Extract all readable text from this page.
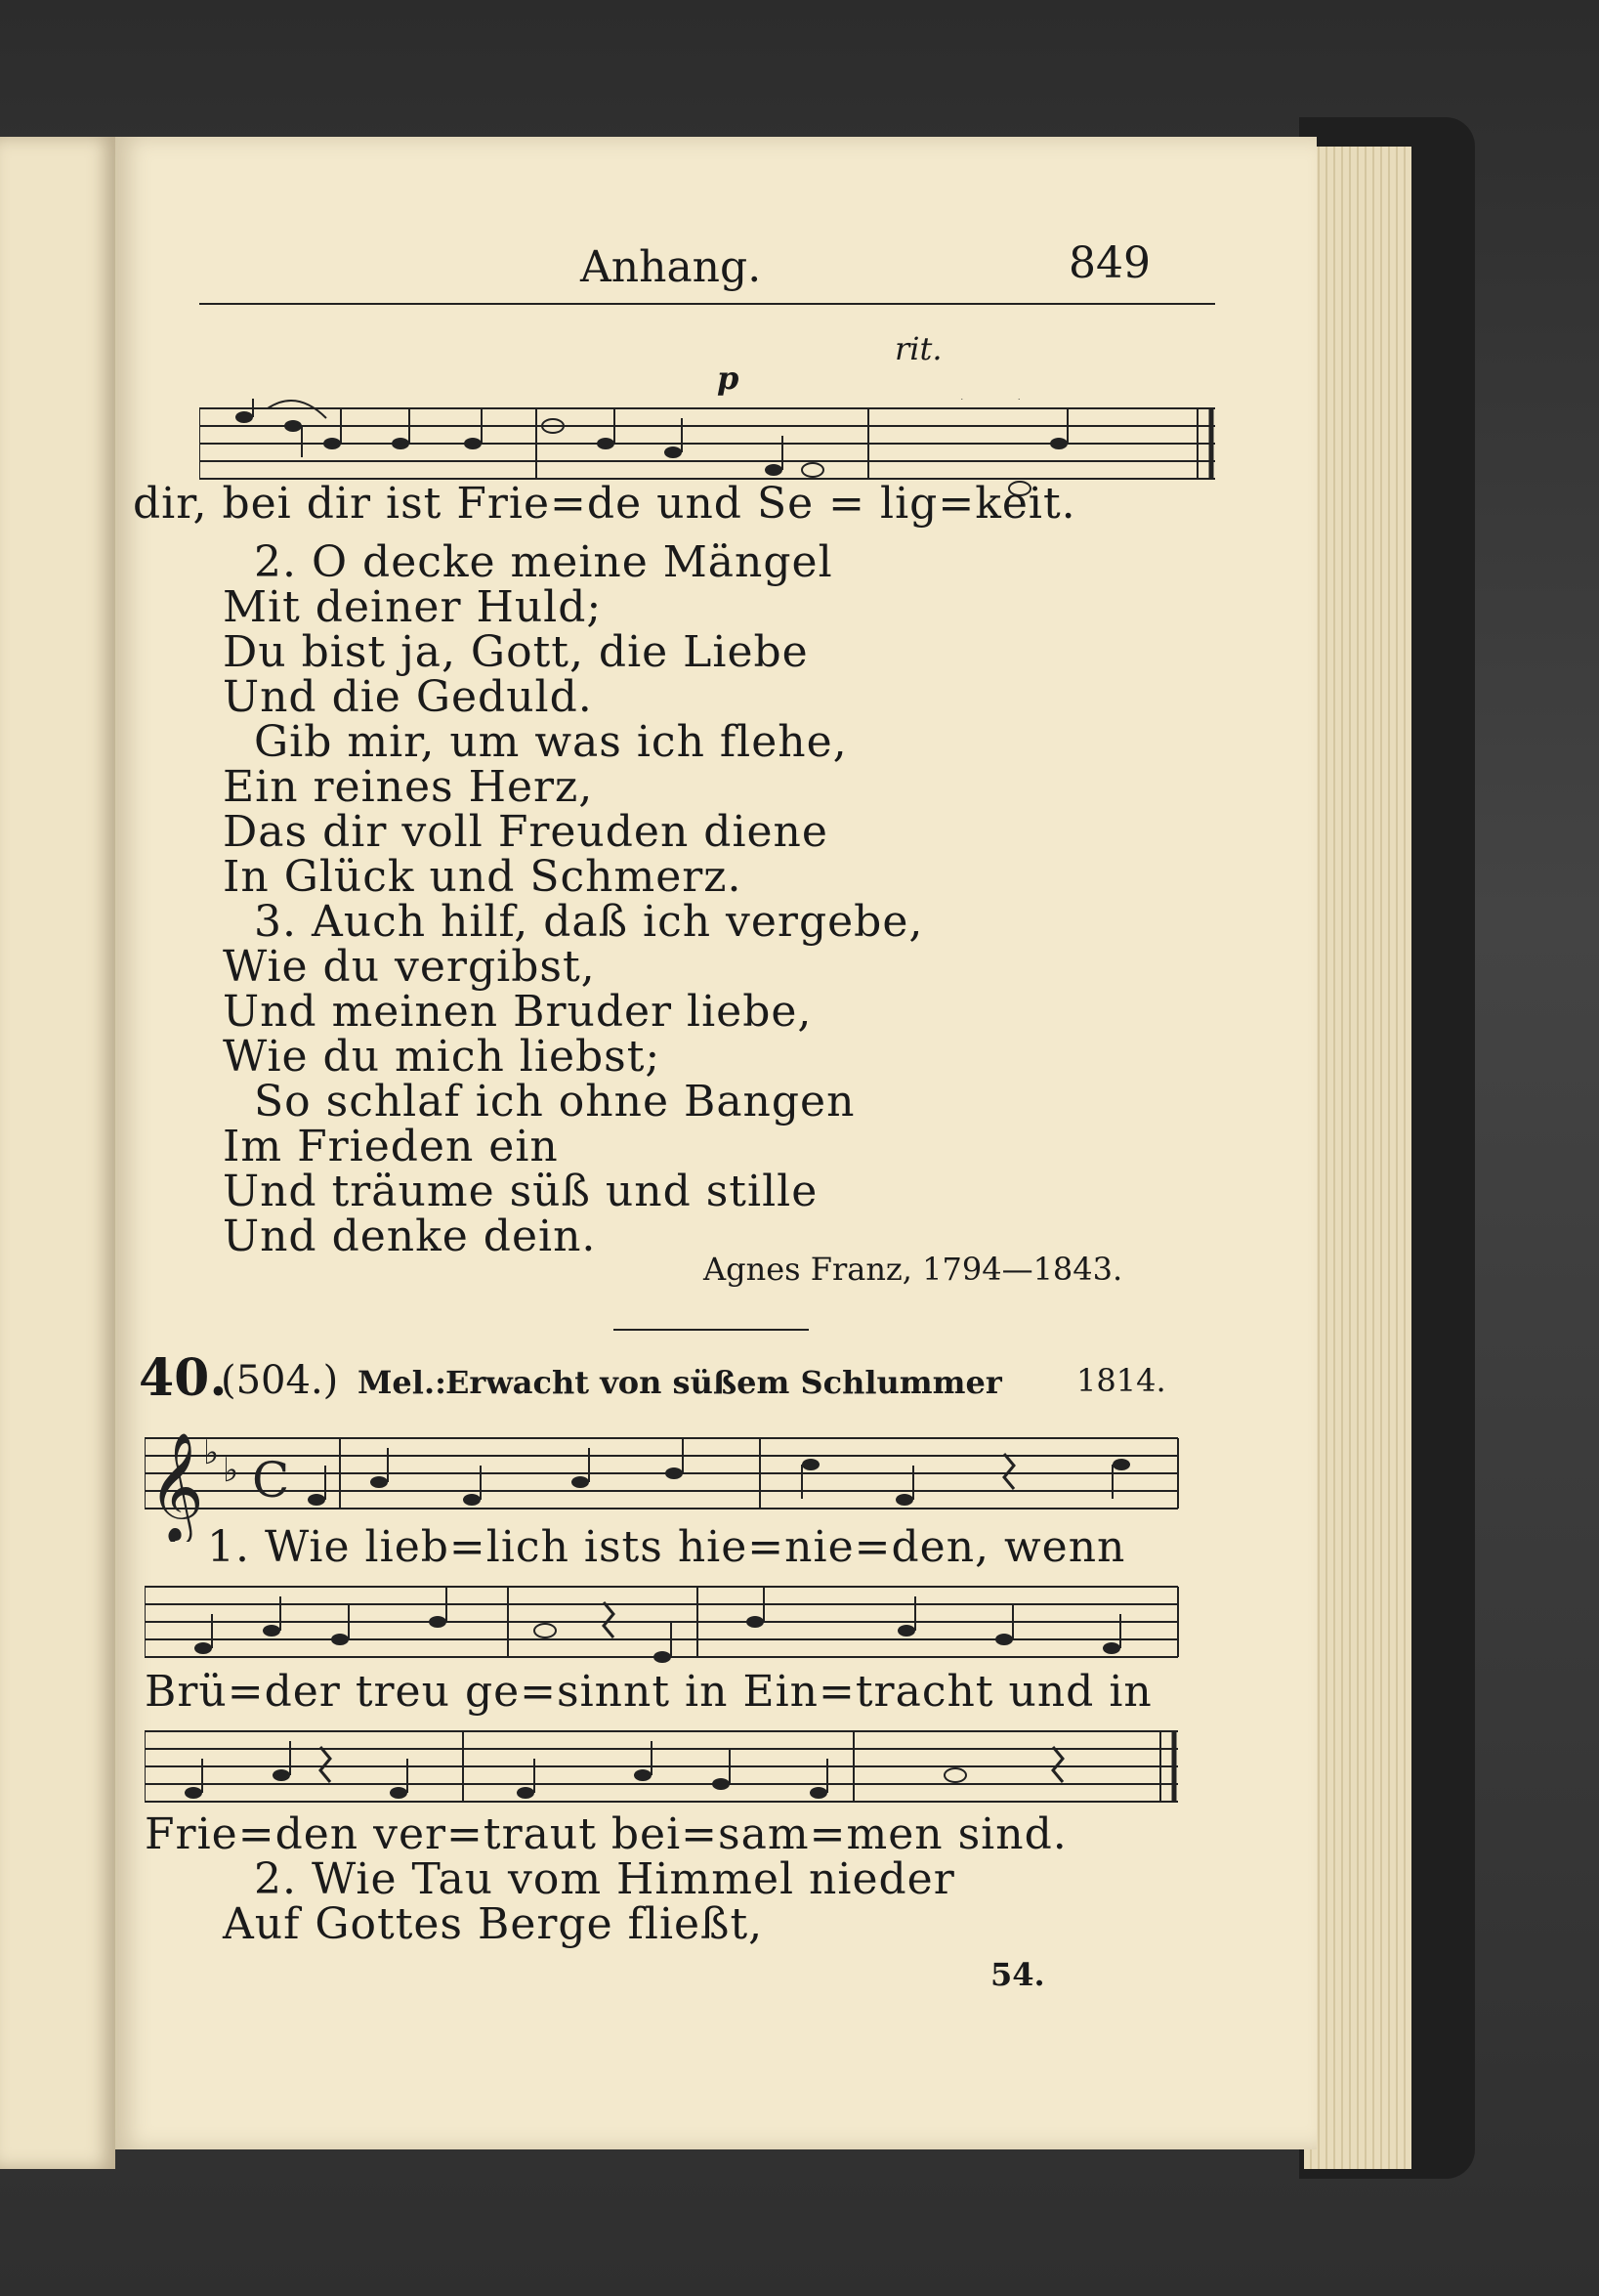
Anhang.	849
rit.
p
dir, bei dir ist Frie=de und Se = lig=keit.
2. O decke meine Mängel
Mit deiner Huld;
Du bist ja, Gott, die Liebe
Und die Geduld.
Gib mir, um was ich flehe,
Ein reines Herz,
Das dir voll Freuden diene
In Glück und Schmerz.
3. Auch hilf, daß ich vergebe,
Wie du vergibst,
Und meinen Bruder liebe,
Wie du mich liebst;
So schlaf ich ohne Bangen
Im Frieden ein
Und träume süß und stille
Und denke dein.
Agnes Franz, 1794—1843.
40.
(504.) Mel.: Erwacht von süßem Schlummer 1814.
𝄞 ♭ ♭ C
1. Wie lieb=lich ists hie=nie=den, wenn
Brü=der treu ge=sinnt in Ein=tracht und in
Frie=den ver=traut bei=sam=men sind.
2. Wie Tau vom Himmel nieder
Auf Gottes Berge fließt,
54.
